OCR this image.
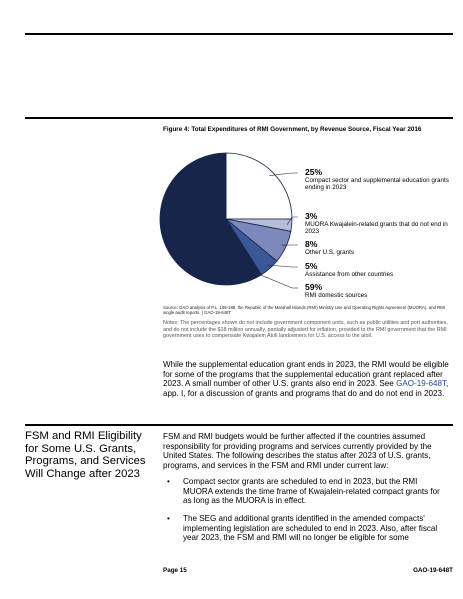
Figure 4: Total Expenditures of RMI Government, by Revenue Source, Fiscal Year 2016
25%
Compact sector and supplemental education grants ending in 2023
3%
MUORA Kwajalein-related grants that do not end in 2023
8%
Other U.S. grants
5%
Assistance from other countries
59%
RMI domestic sources
Source: GAO analysis of P.L. 108-188, the Republic of the Marshall Islands (RMI) Ministry Use and Operating Rights Agreement (MUORA), and RMI single audit reports. | GAO-19-648T
Notes: The percentages shown do not include government component units, such as public utilities and port authorities, and do not include the $18 million annually, partially adjusted for inflation, provided to the RMI government that the RMI government uses to compensate Kwajalein Atoll landowners for U.S. access to the atoll.
While the supplemental education grant ends in 2023, the RMI would be eligible for some of the programs that the supplemental education grant replaced after 2023. A small number of other U.S. grants also end in 2023. See GAO-19-648T, app. I, for a discussion of grants and programs that do and do not end in 2023.
FSM and RMI Eligibility for Some U.S. Grants, Programs, and Services Will Change after 2023
FSM and RMI budgets would be further affected if the countries assumed responsibility for providing programs and services currently provided by the United States. The following describes the status after 2023 of U.S. grants, programs, and services in the FSM and RMI under current law:
• Compact sector grants are scheduled to end in 2023, but the RMI MUORA extends the time frame of Kwajalein-related compact grants for as long as the MUORA is in effect.
• The SEG and additional grants identified in the amended compacts' implementing legislation are scheduled to end in 2023. Also, after fiscal year 2023, the FSM and RMI will no longer be eligible for some
Page 15	GAO-19-648T
